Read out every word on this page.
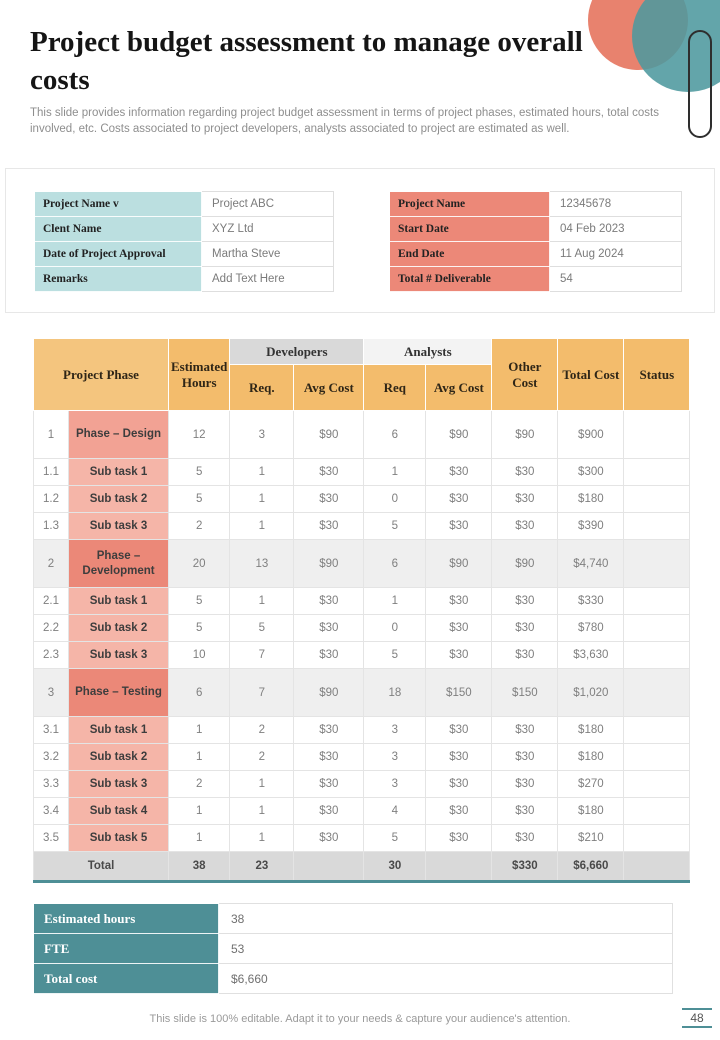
Project budget assessment to manage overall costs

This slide provides information regarding project budget assessment in terms of project phases, estimated hours, total costs involved, etc. Costs associated to project developers, analysts associated to project are estimated as well.

Project Name v	Project ABC
Clent Name	XYZ Ltd
Date of Project Approval	Martha Steve
Remarks	Add Text Here
Project Name	12345678
Start Date	04 Feb 2023
End Date	11 Aug 2024
Total # Deliverable	54
Project Phase		Estimated Hours	Developers		Analysts		Other Cost	Total Cost	Status
			Req.	Avg Cost	Req	Avg Cost			
1	Phase – Design	12	3	$90	6	$90	$90	$900	
1.1	Sub task 1	5	1	$30	1	$30	$30	$300	
1.2	Sub task 2	5	1	$30	0	$30	$30	$180	
1.3	Sub task 3	2	1	$30	5	$30	$30	$390	
2	Phase – Development	20	13	$90	6	$90	$90	$4,740	
2.1	Sub task 1	5	1	$30	1	$30	$30	$330	
2.2	Sub task 2	5	5	$30	0	$30	$30	$780	
2.3	Sub task 3	10	7	$30	5	$30	$30	$3,630	
3	Phase – Testing	6	7	$90	18	$150	$150	$1,020	
3.1	Sub task 1	1	2	$30	3	$30	$30	$180	
3.2	Sub task 2	1	2	$30	3	$30	$30	$180	
3.3	Sub task 3	2	1	$30	3	$30	$30	$270	
3.4	Sub task 4	1	1	$30	4	$30	$30	$180	
3.5	Sub task 5	1	1	$30	5	$30	$30	$210	
Total		38	23		30		$330	$6,660	
Estimated hours	38
FTE	53
Total cost	$6,660
This slide is 100% editable. Adapt it to your needs & capture your audience's attention.	48
